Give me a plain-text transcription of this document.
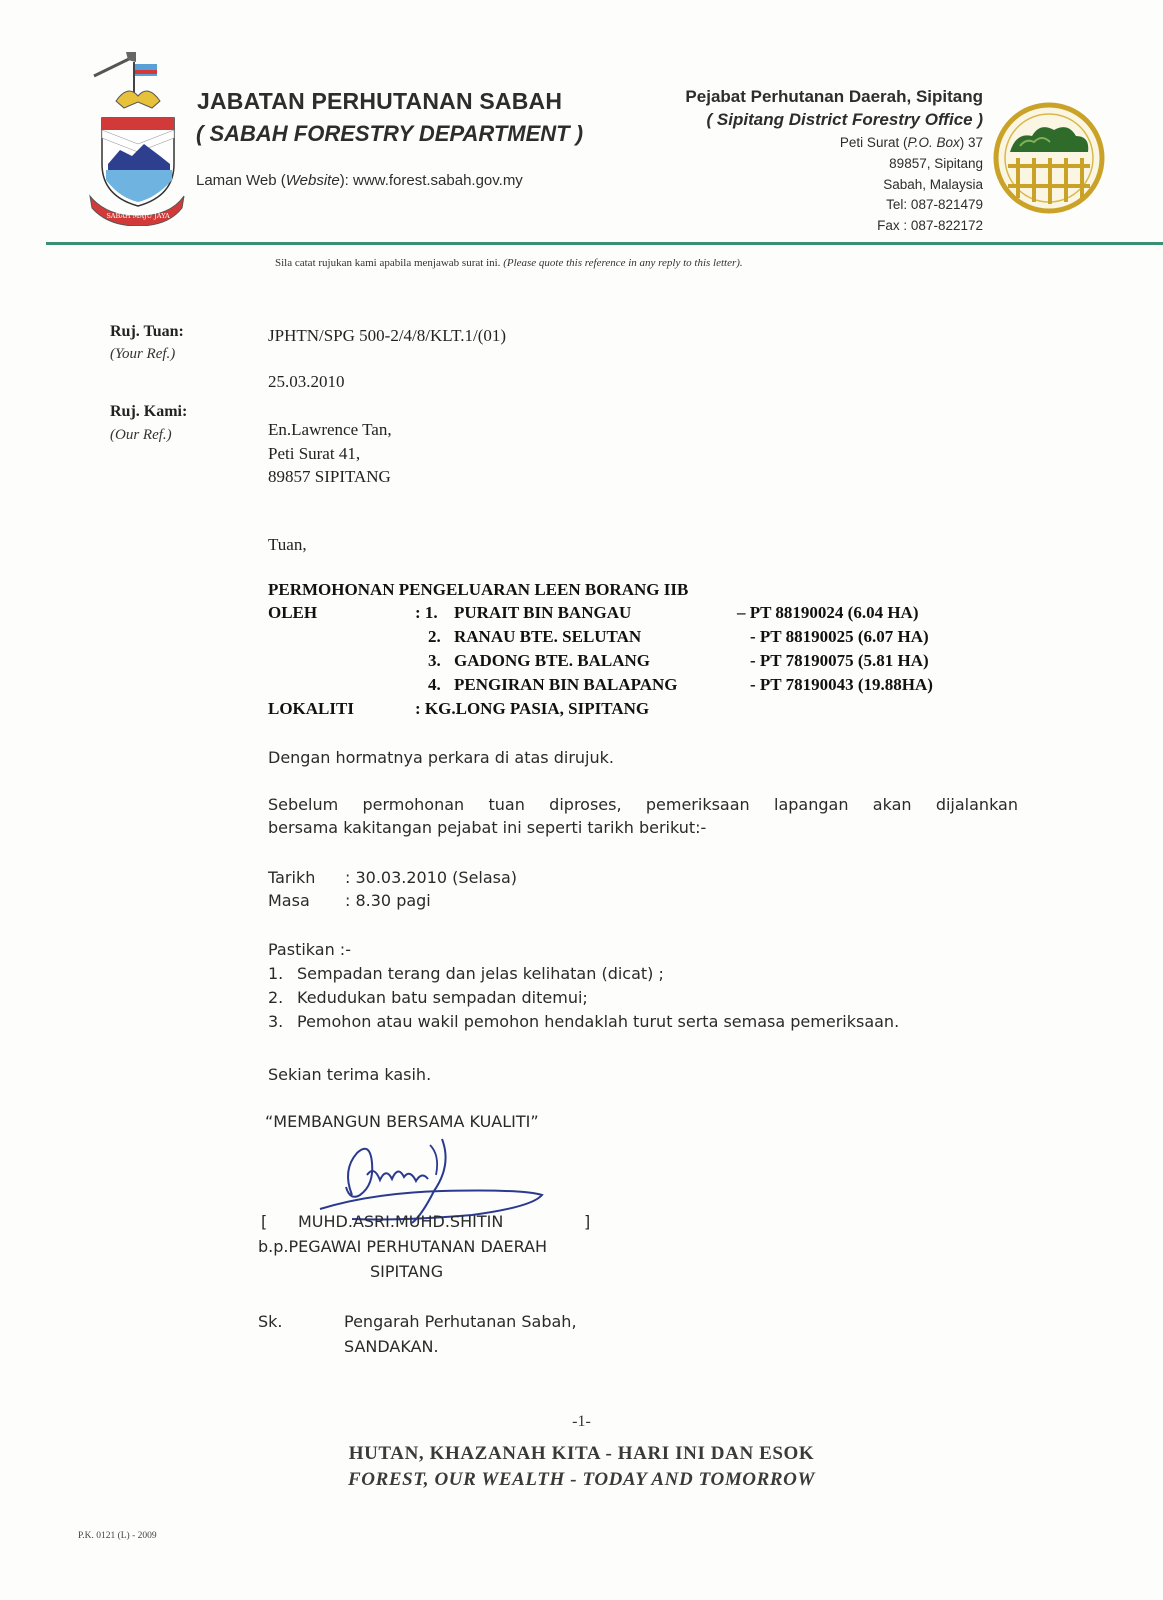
SABAH MAJU JAYA
JABATAN PERHUTANAN SABAH
( SABAH FORESTRY DEPARTMENT )
Laman Web (Website): www.forest.sabah.gov.my
Pejabat Perhutanan Daerah, Sipitang
( Sipitang District Forestry Office )
Peti Surat (P.O. Box) 37
89857, Sipitang
Sabah, Malaysia
Tel: 087-821479
Fax : 087-822172
Sila catat rujukan kami apabila menjawab surat ini. (Please quote this reference in any reply to this letter).
Ruj. Tuan:
(Your Ref.)
Ruj. Kami:
(Our Ref.)
JPHTN/SPG 500-2/4/8/KLT.1/(01)
25.03.2010
En.Lawrence Tan,
Peti Surat 41,
89857 SIPITANG
Tuan,
PERMOHONAN PENGELUARAN LEEN BORANG IIB
OLEH	: 1. PURAIT BIN BANGAU	– PT 88190024 (6.04 HA)
2. RANAU BTE. SELUTAN	- PT 88190025 (6.07 HA)
3. GADONG BTE. BALANG	- PT 78190075 (5.81 HA)
4. PENGIRAN BIN BALAPANG	- PT 78190043 (19.88HA)
LOKALITI	: KG.LONG PASIA, SIPITANG
Dengan hormatnya perkara di atas dirujuk.
Sebelum permohonan tuan diproses, pemeriksaan lapangan akan dijalankan
bersama kakitangan pejabat ini seperti tarikh berikut:-
Tarikh : 30.03.2010 (Selasa)
Masa : 8.30 pagi
Pastikan :-
1. Sempadan terang dan jelas kelihatan (dicat) ;
2. Kedudukan batu sempadan ditemui;
3. Pemohon atau wakil pemohon hendaklah turut serta semasa pemeriksaan.
Sekian terima kasih.
“MEMBANGUN BERSAMA KUALITI”
[ MUHD.ASRI.MUHD.SHITIN	]
b.p.PEGAWAI PERHUTANAN DAERAH
SIPITANG
Sk.	Pengarah Perhutanan Sabah,
SANDAKAN.
-1-
HUTAN, KHAZANAH KITA - HARI INI DAN ESOK
FOREST, OUR WEALTH - TODAY AND TOMORROW
P.K. 0121 (L) - 2009
